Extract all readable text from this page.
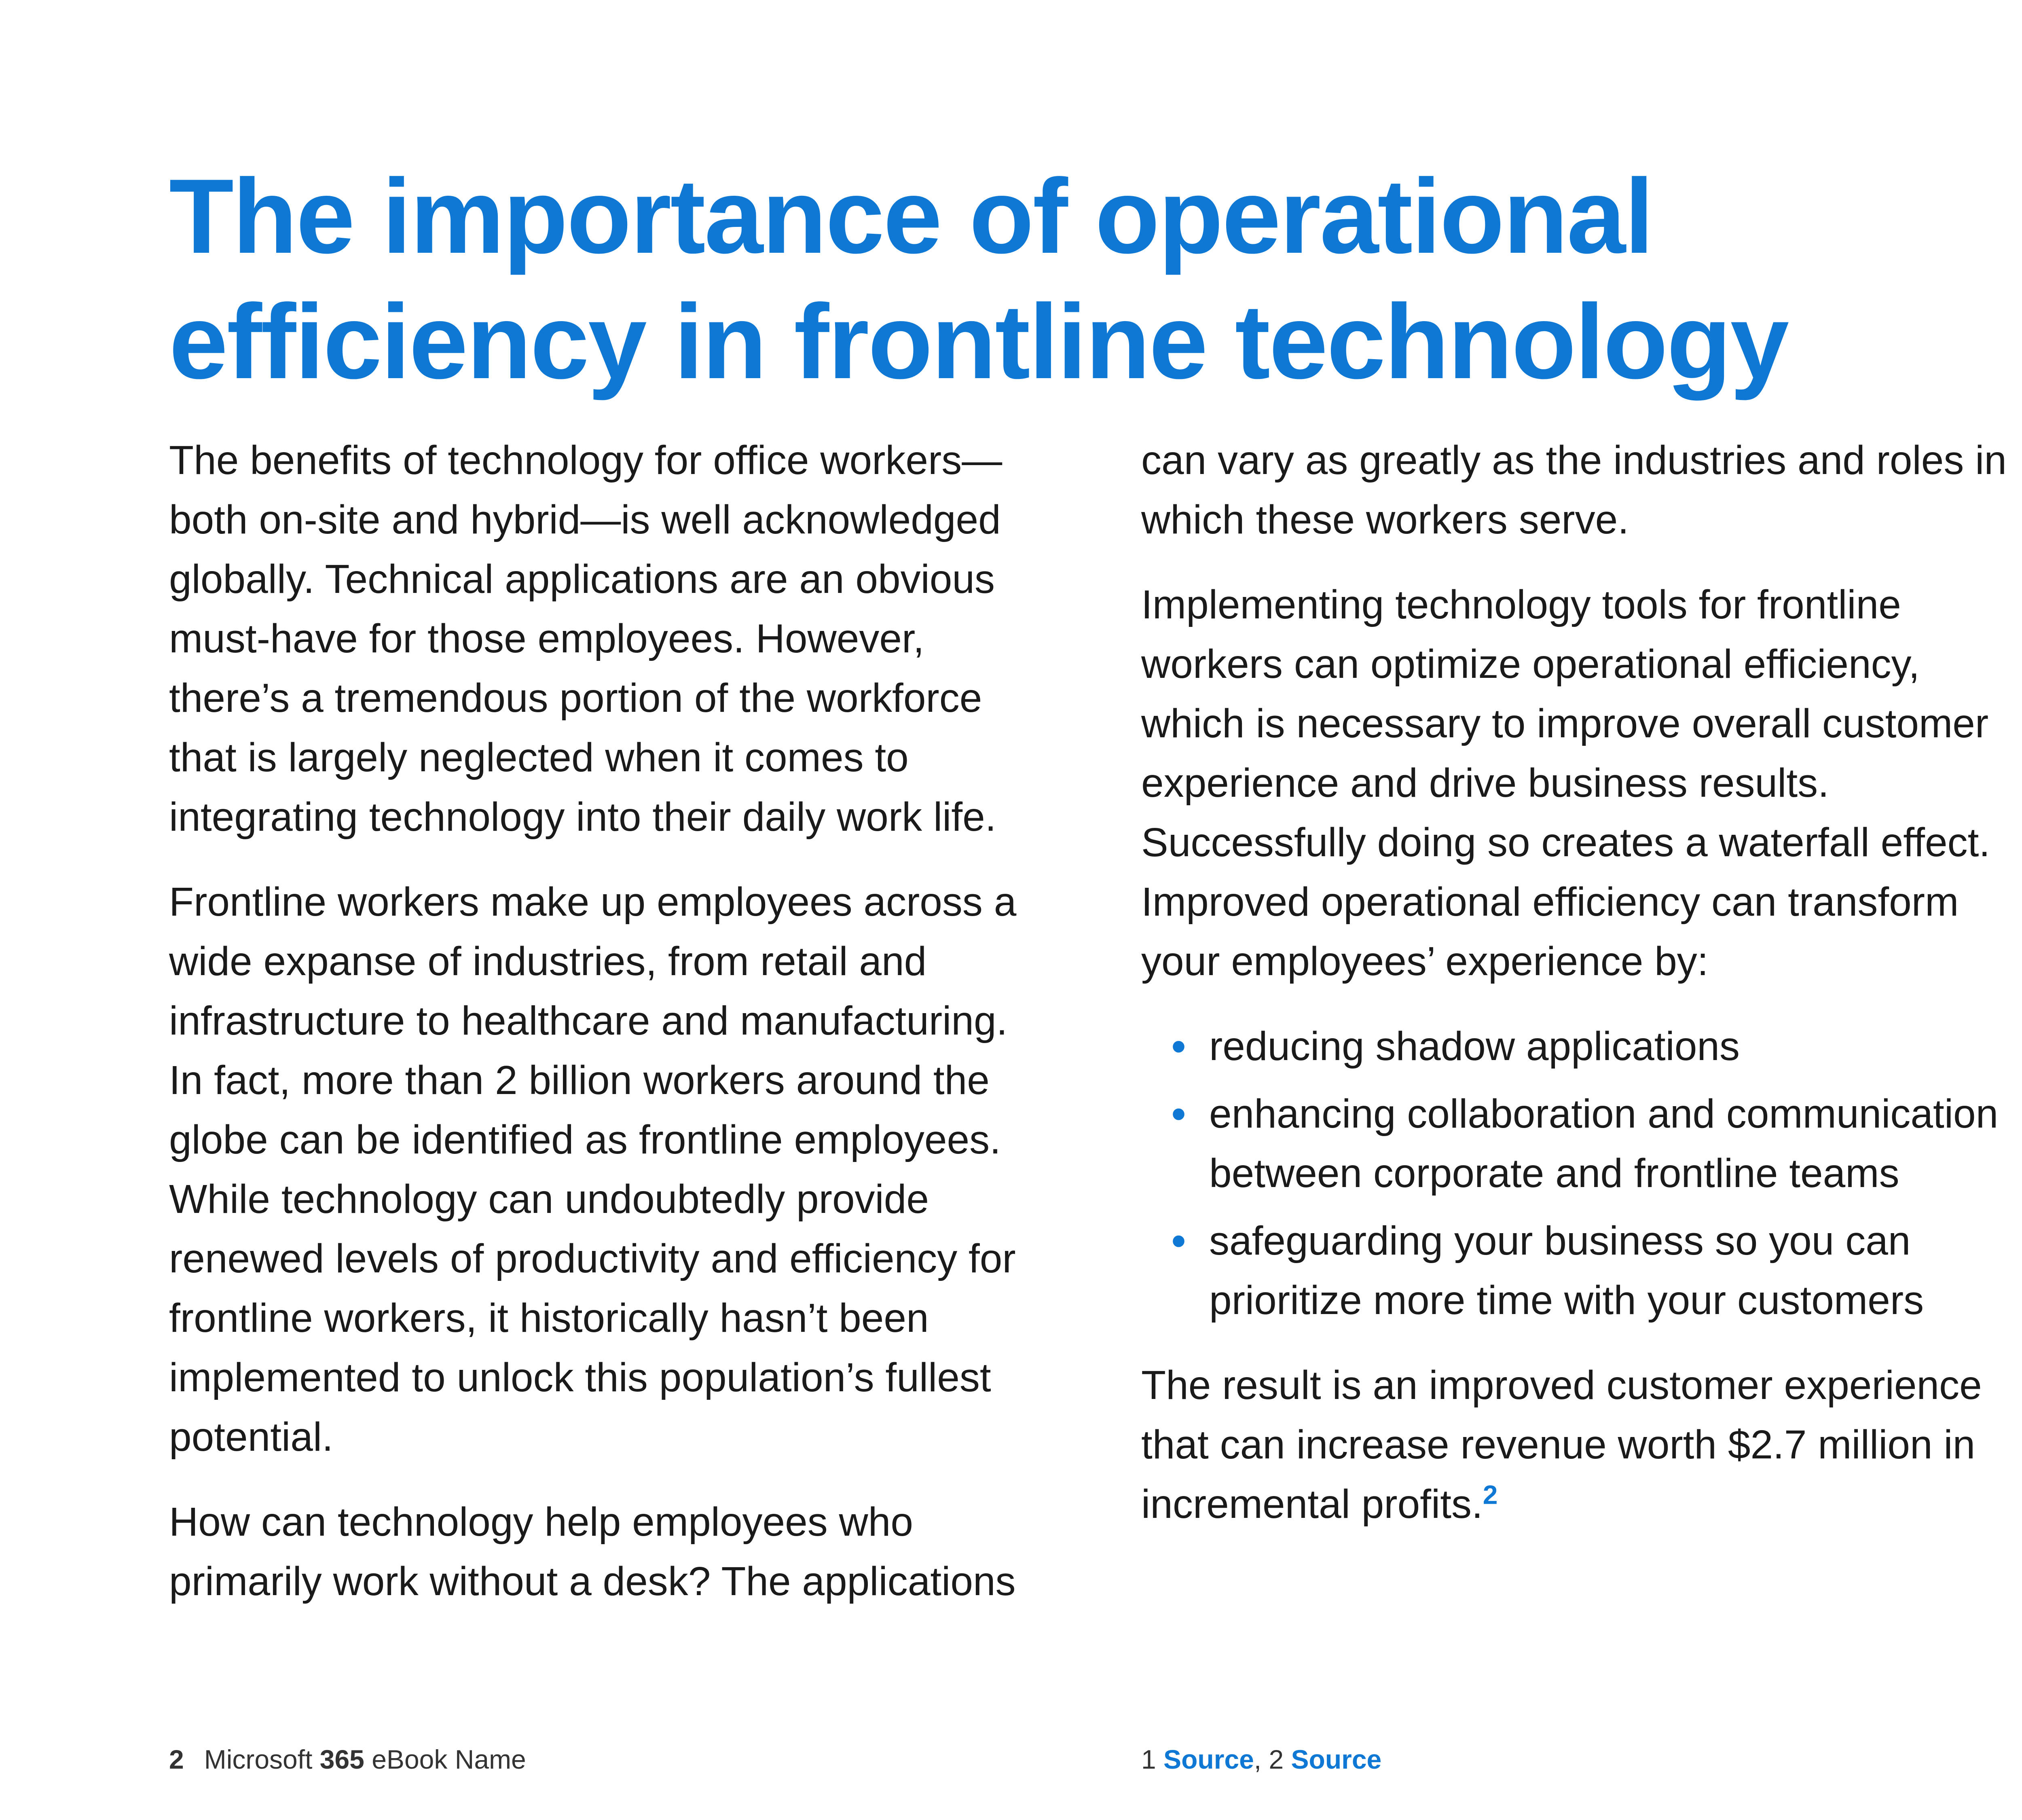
The importance of operational efficiency in frontline technology

The benefits of technology for office workers—both on-site and hybrid—is well acknowledged globally. Technical applications are an obvious must-have for those employees. However, there’s a tremendous portion of the workforce that is largely neglected when it comes to integrating technology into their daily work life.

Frontline workers make up employees across a wide expanse of industries, from retail and infrastructure to healthcare and manufacturing. In fact, more than 2 billion workers around the globe can be identified as frontline employees. While technology can undoubtedly provide renewed levels of productivity and efficiency for frontline workers, it historically hasn’t been implemented to unlock this population’s fullest potential.

How can technology help employees who primarily work without a desk? The applications

can vary as greatly as the industries and roles in which these workers serve.

Implementing technology tools for frontline workers can optimize operational efficiency, which is necessary to improve overall customer experience and drive business results. Successfully doing so creates a waterfall effect. Improved operational efficiency can transform your employees’ experience by:

• reducing shadow applications
• enhancing collaboration and communication between corporate and frontline teams
• safeguarding your business so you can prioritize more time with your customers

The result is an improved customer experience that can increase revenue worth $2.7 million in incremental profits.$^2$

2 Microsoft 365 eBook Name	1 Source, 2 Source
